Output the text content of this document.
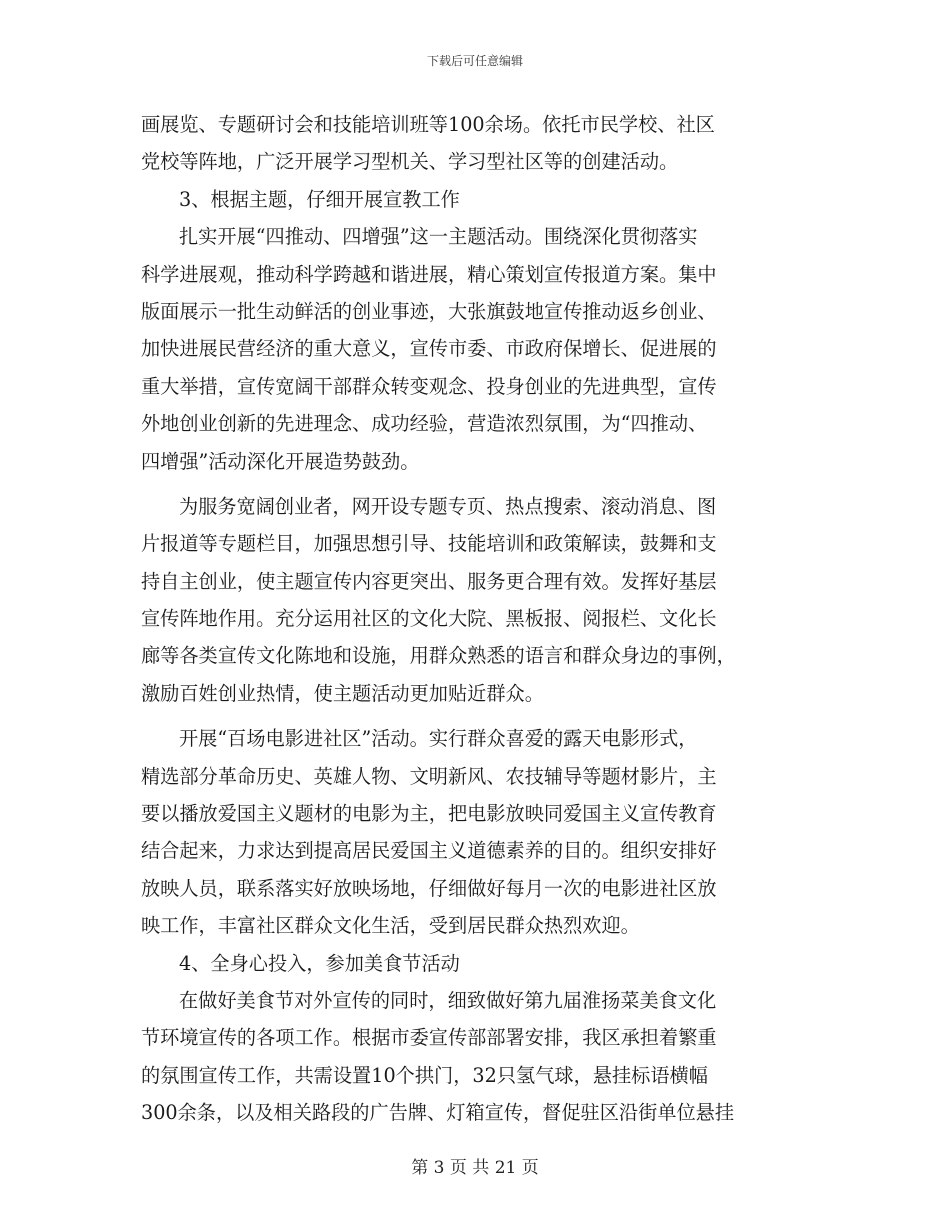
下载后可任意编辑
画展览、专题研讨会和技能培训班等100余场。依托市民学校、社区
党校等阵地，广泛开展学习型机关、学习型社区等的创建活动。
3、根据主题，仔细开展宣教工作
扎实开展“四推动、四增强”这一主题活动。围绕深化贯彻落实
科学进展观，推动科学跨越和谐进展，精心策划宣传报道方案。集中
版面展示一批生动鲜活的创业事迹，大张旗鼓地宣传推动返乡创业、
加快进展民营经济的重大意义，宣传市委、市政府保增长、促进展的
重大举措，宣传宽阔干部群众转变观念、投身创业的先进典型，宣传
外地创业创新的先进理念、成功经验，营造浓烈氛围，为“四推动、
四增强”活动深化开展造势鼓劲。
为服务宽阔创业者，网开设专题专页、热点搜索、滚动消息、图
片报道等专题栏目，加强思想引导、技能培训和政策解读，鼓舞和支
持自主创业，使主题宣传内容更突出、服务更合理有效。发挥好基层
宣传阵地作用。充分运用社区的文化大院、黑板报、阅报栏、文化长
廊等各类宣传文化陈地和设施，用群众熟悉的语言和群众身边的事例，
激励百姓创业热情，使主题活动更加贴近群众。
开展“百场电影进社区”活动。实行群众喜爱的露天电影形式，
精选部分革命历史、英雄人物、文明新风、农技辅导等题材影片，主
要以播放爱国主义题材的电影为主，把电影放映同爱国主义宣传教育
结合起来，力求达到提高居民爱国主义道德素养的目的。组织安排好
放映人员，联系落实好放映场地，仔细做好每月一次的电影进社区放
映工作，丰富社区群众文化生活，受到居民群众热烈欢迎。
4、全身心投入，参加美食节活动
在做好美食节对外宣传的同时，细致做好第九届淮扬菜美食文化
节环境宣传的各项工作。根据市委宣传部部署安排，我区承担着繁重
的氛围宣传工作，共需设置10个拱门，32只氢气球，悬挂标语横幅
300余条，以及相关路段的广告牌、灯箱宣传，督促驻区沿街单位悬挂
第 3 页 共 21 页
